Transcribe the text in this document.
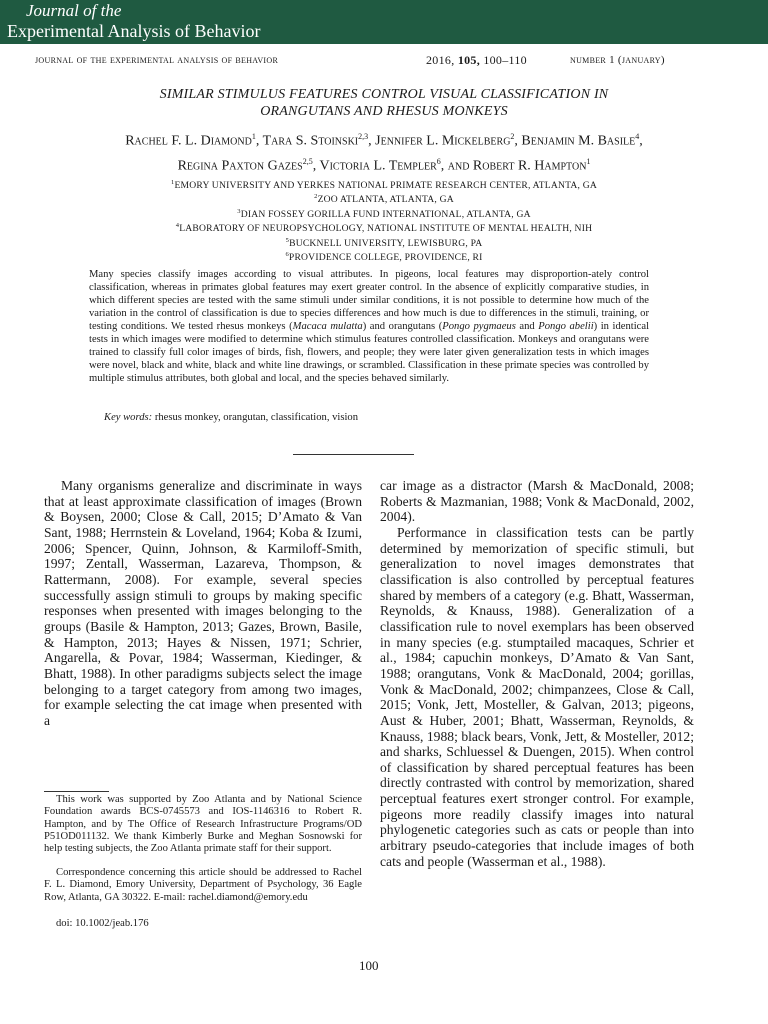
Journal of the
Experimental Analysis of Behavior
journal of the experimental analysis of behavior	2016, 105, 100–110	number 1 (january)
SIMILAR STIMULUS FEATURES CONTROL VISUAL CLASSIFICATION IN
ORANGUTANS AND RHESUS MONKEYS
Rachel F. L. Diamond$^1$, Tara S. Stoinski$^{2,3}$, Jennifer L. Mickelberg$^2$, Benjamin M. Basile$^4$,
Regina Paxton Gazes$^{2,5}$, Victoria L. Templer$^6$, and Robert R. Hampton$^1$
$^1$EMORY UNIVERSITY AND YERKES NATIONAL PRIMATE RESEARCH CENTER, ATLANTA, GA
$^2$ZOO ATLANTA, ATLANTA, GA
$^3$DIAN FOSSEY GORILLA FUND INTERNATIONAL, ATLANTA, GA
$^4$LABORATORY OF NEUROPSYCHOLOGY, NATIONAL INSTITUTE OF MENTAL HEALTH, NIH
$^5$BUCKNELL UNIVERSITY, LEWISBURG, PA
$^6$PROVIDENCE COLLEGE, PROVIDENCE, RI
Many species classify images according to visual attributes. In pigeons, local features may disproportion-ately control classification, whereas in primates global features may exert greater control. In the absence of explicitly comparative studies, in which different species are tested with the same stimuli under similar conditions, it is not possible to determine how much of the variation in the control of classification is due to species differences and how much is due to differences in the stimuli, training, or testing conditions. We tested rhesus monkeys (Macaca mulatta) and orangutans (Pongo pygmaeus and Pongo abelii) in identical tests in which images were modified to determine which stimulus features controlled classification. Monkeys and orangutans were trained to classify full color images of birds, fish, flowers, and people; they were later given generalization tests in which images were novel, black and white, black and white line drawings, or scrambled. Classification in these primate species was controlled by multiple stimulus attributes, both global and local, and the species behaved similarly.
Key words: rhesus monkey, orangutan, classification, vision
Many organisms generalize and discriminate in ways that at least approximate classification of images (Brown & Boysen, 2000; Close & Call, 2015; D’Amato & Van Sant, 1988; Herrnstein & Loveland, 1964; Koba & Izumi, 2006; Spencer, Quinn, Johnson, & Karmiloff-Smith, 1997; Zentall, Wasserman, Lazareva, Thompson, & Rattermann, 2008). For example, several species successfully assign stimuli to groups by making specific responses when presented with images belonging to the groups (Basile & Hampton, 2013; Gazes, Brown, Basile, & Hampton, 2013; Hayes & Nissen, 1971; Schrier, Angarella, & Povar, 1984; Wasserman, Kiedinger, & Bhatt, 1988). In other paradigms subjects select the image belonging to a target category from among two images, for example selecting the cat image when presented with a
car image as a distractor (Marsh & MacDonald, 2008; Roberts & Mazmanian, 1988; Vonk & MacDonald, 2002, 2004).
Performance in classification tests can be partly determined by memorization of specific stimuli, but generalization to novel images demonstrates that classification is also controlled by perceptual features shared by members of a category (e.g. Bhatt, Wasserman, Reynolds, & Knauss, 1988). Generalization of a classification rule to novel exemplars has been observed in many species (e.g. stumptailed macaques, Schrier et al., 1984; capuchin monkeys, D’Amato & Van Sant, 1988; orangutans, Vonk & MacDonald, 2004; gorillas, Vonk & MacDonald, 2002; chimpanzees, Close & Call, 2015; Vonk, Jett, Mosteller, & Galvan, 2013; pigeons, Aust & Huber, 2001; Bhatt, Wasserman, Reynolds, & Knauss, 1988; black bears, Vonk, Jett, & Mosteller, 2012; and sharks, Schluessel & Duengen, 2015). When control of classification by shared perceptual features has been directly contrasted with control by memorization, shared perceptual features exert stronger control. For example, pigeons more readily classify images into natural phylogenetic categories such as cats or people than into arbitrary pseudo-categories that include images of both cats and people (Wasserman et al., 1988).
This work was supported by Zoo Atlanta and by National Science Foundation awards BCS-0745573 and IOS-1146316 to Robert R. Hampton, and by The Office of Research Infrastructure Programs/OD P51OD011132. We thank Kimberly Burke and Meghan Sosnowski for help testing subjects, the Zoo Atlanta primate staff for their support.
Correspondence concerning this article should be addressed to Rachel F. L. Diamond, Emory University, Department of Psychology, 36 Eagle Row, Atlanta, GA 30322. E-mail: rachel.diamond@emory.edu
doi: 10.1002/jeab.176
100
